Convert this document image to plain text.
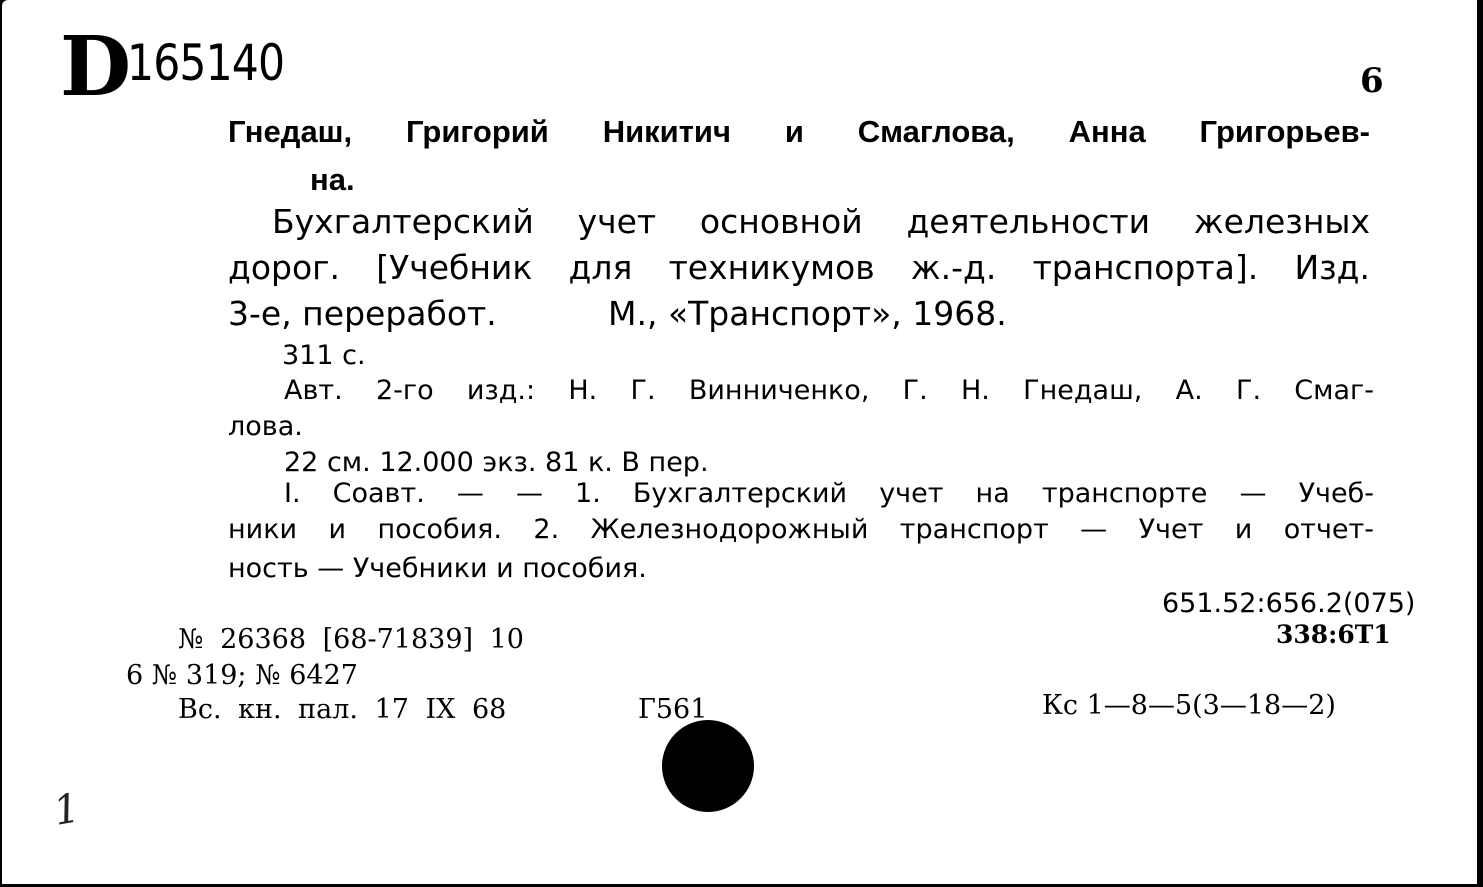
D
165140	6
Гнедаш, Григорий Никитич и Смаглова, Анна Григорьев-
на.
Бухгалтерский учет основной деятельности железных
дорог. [Учебник для техникумов ж.-д. транспорта]. Изд.
3-е, переработ.	М., «Транспорт», 1968.
311 с.
Авт. 2-го изд.: Н. Г. Винниченко, Г. Н. Гнедаш, А. Г. Смаг-
лова.
22 см. 12.000 экз. 81 к. В пер.
I. Соавт. — — 1. Бухгалтерский учет на транспорте — Учеб-
ники и пособия. 2. Железнодорожный транспорт — Учет и отчет-
ность — Учебники и пособия.
651.52:656.2(075)
338:6Т1
№ 26368 [68-71839] 10
6 № 319; № 6427
Вс. кн. пал. 17 IX 68	Г561	Кс 1—8—5(3—18—2)
1
